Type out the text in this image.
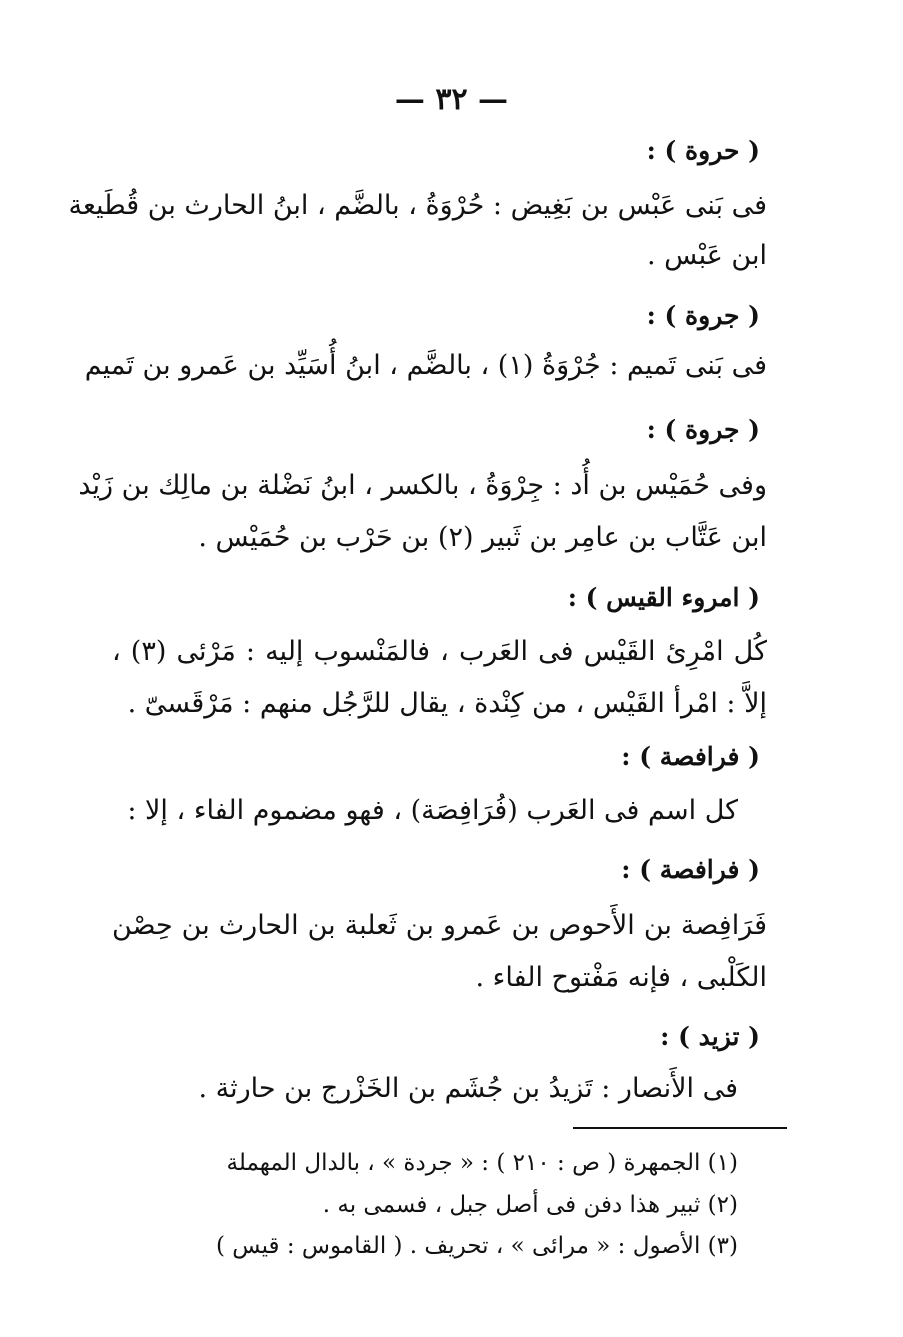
— ٣٢ —
( حروة ) :
فى بَنى عَبْس بن بَغِيض : حُرْوَةُ ، بالضَّم ، ابنُ الحارث بن قُطَيعة
ابن عَبْس .
( جروة ) :
فى بَنى تَميم : جُرْوَةُ (١) ، بالضَّم ، ابنُ أُسَيِّد بن عَمرو بن تَميم
( جروة ) :
وفى حُمَيْس بن أُد : جِرْوَةُ ، بالكسر ، ابنُ نَضْلة بن مالِك بن زَيْد
ابن عَتَّاب بن عامِر بن ثَبير (٢) بن حَرْب بن حُمَيْس .
( امروء القيس ) :
كُل امْرِئ القَيْس فى العَرب ، فالمَنْسوب إليه : مَرْئى (٣) ،
إلاَّ : امْرأ القَيْس ، من كِنْدة ، يقال للرَّجُل منهم : مَرْقَسىّ .
( فرافصة ) :
كل اسم فى العَرب (فُرَافِصَة) ، فهو مضموم الفاء ، إلا :
( فرافصة ) :
فَرَافِصة بن الأَحوص بن عَمرو بن ثَعلبة بن الحارث بن حِصْن
الكَلْبى ، فإنه مَفْتوح الفاء .
( تزيد ) :
فى الأَنصار : تَزيدُ بن جُشَم بن الخَزْرج بن حارثة .
(١) الجمهرة ( ص : ٢١٠ ) : « جردة » ، بالدال المهملة
(٢) ثبير هذا دفن فى أصل جبل ، فسمى به .
(٣) الأصول : « مرائى » ، تحريف . ( القاموس : قيس )
